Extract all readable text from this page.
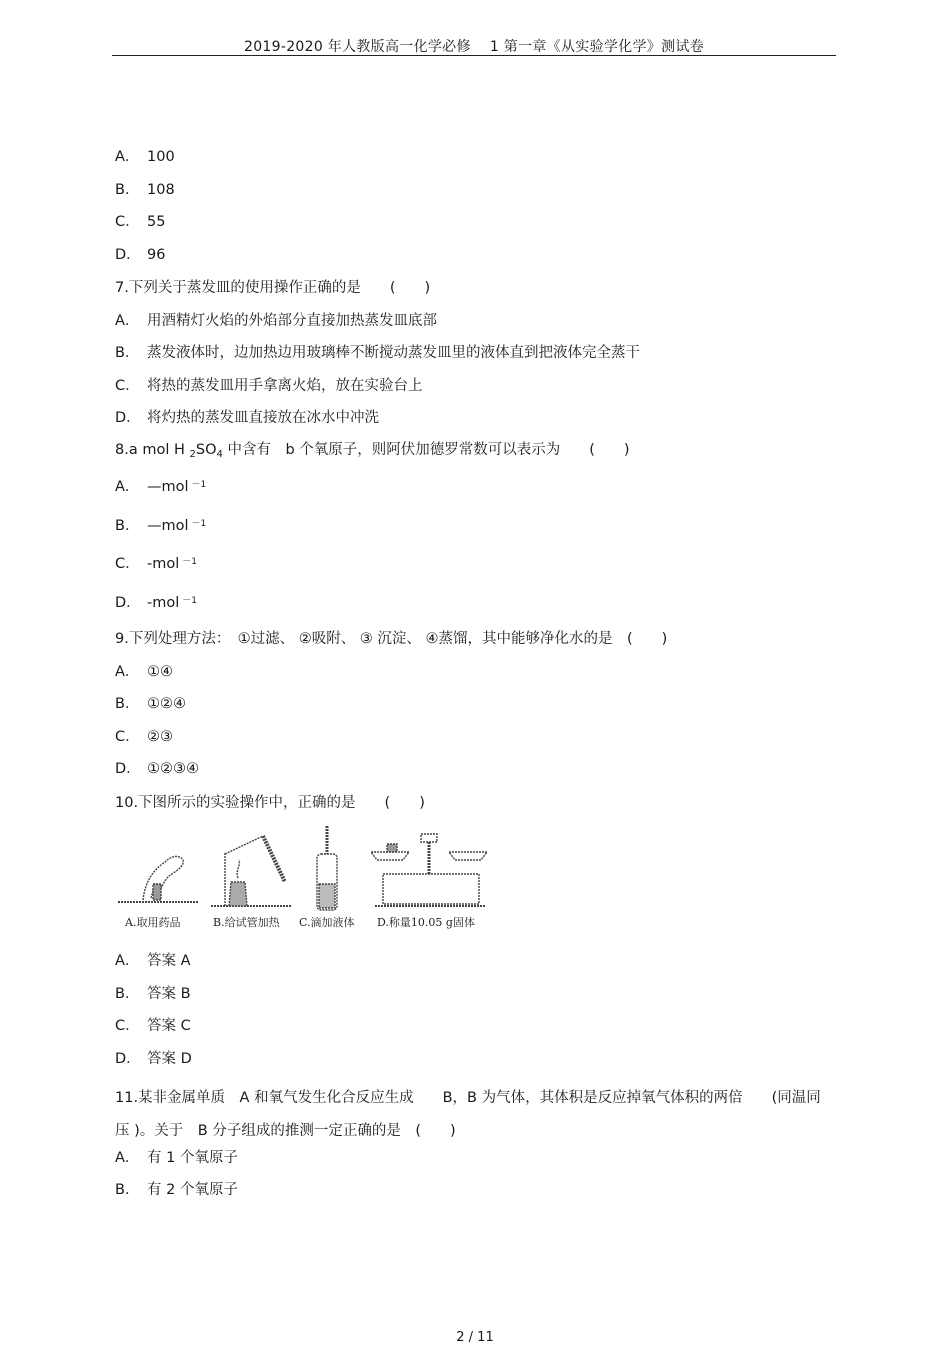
2019-2020 年人教版高一化学必修　 1 第一章《从实验学化学》测试卷
A． 100
B． 108
C． 55
D． 96
7.下列关于蒸发皿的使用操作正确的是　　(　　)
A． 用酒精灯火焰的外焰部分直接加热蒸发皿底部
B． 蒸发液体时，边加热边用玻璃棒不断搅动蒸发皿里的液体直到把液体完全蒸干
C． 将热的蒸发皿用手拿离火焰，放在实验台上
D． 将灼热的蒸发皿直接放在冰水中冲洗
8.a mol H $_2SO_4$ 中含有　b 个氧原子，则阿伏加德罗常数可以表示为　　(　　)
A． —mol $^{-1}$
B． —mol $^{-1}$
C． -mol $^{-1}$
D． -mol $^{-1}$
9.下列处理方法：　①过滤、 ②吸附、 ③ 沉淀、 ④蒸馏，其中能够净化水的是　(　　)
A． ①④
B． ①②④
C． ②③
D． ①②③④
10.下图所示的实验操作中，正确的是　　(　　)
A.取用药品	B.给试管加热 C.滴加液体 D.称量10.05 g固体
A． 答案 A
B． 答案 B
C． 答案 C
D． 答案 D
11.某非金属单质　A 和氧气发生化合反应生成　　B，B 为气体，其体积是反应掉氧气体积的两倍　　(同温同压 )。关于　B 分子组成的推测一定正确的是　(　　)
A． 有 1 个氧原子
B． 有 2 个氧原子
2 / 11
